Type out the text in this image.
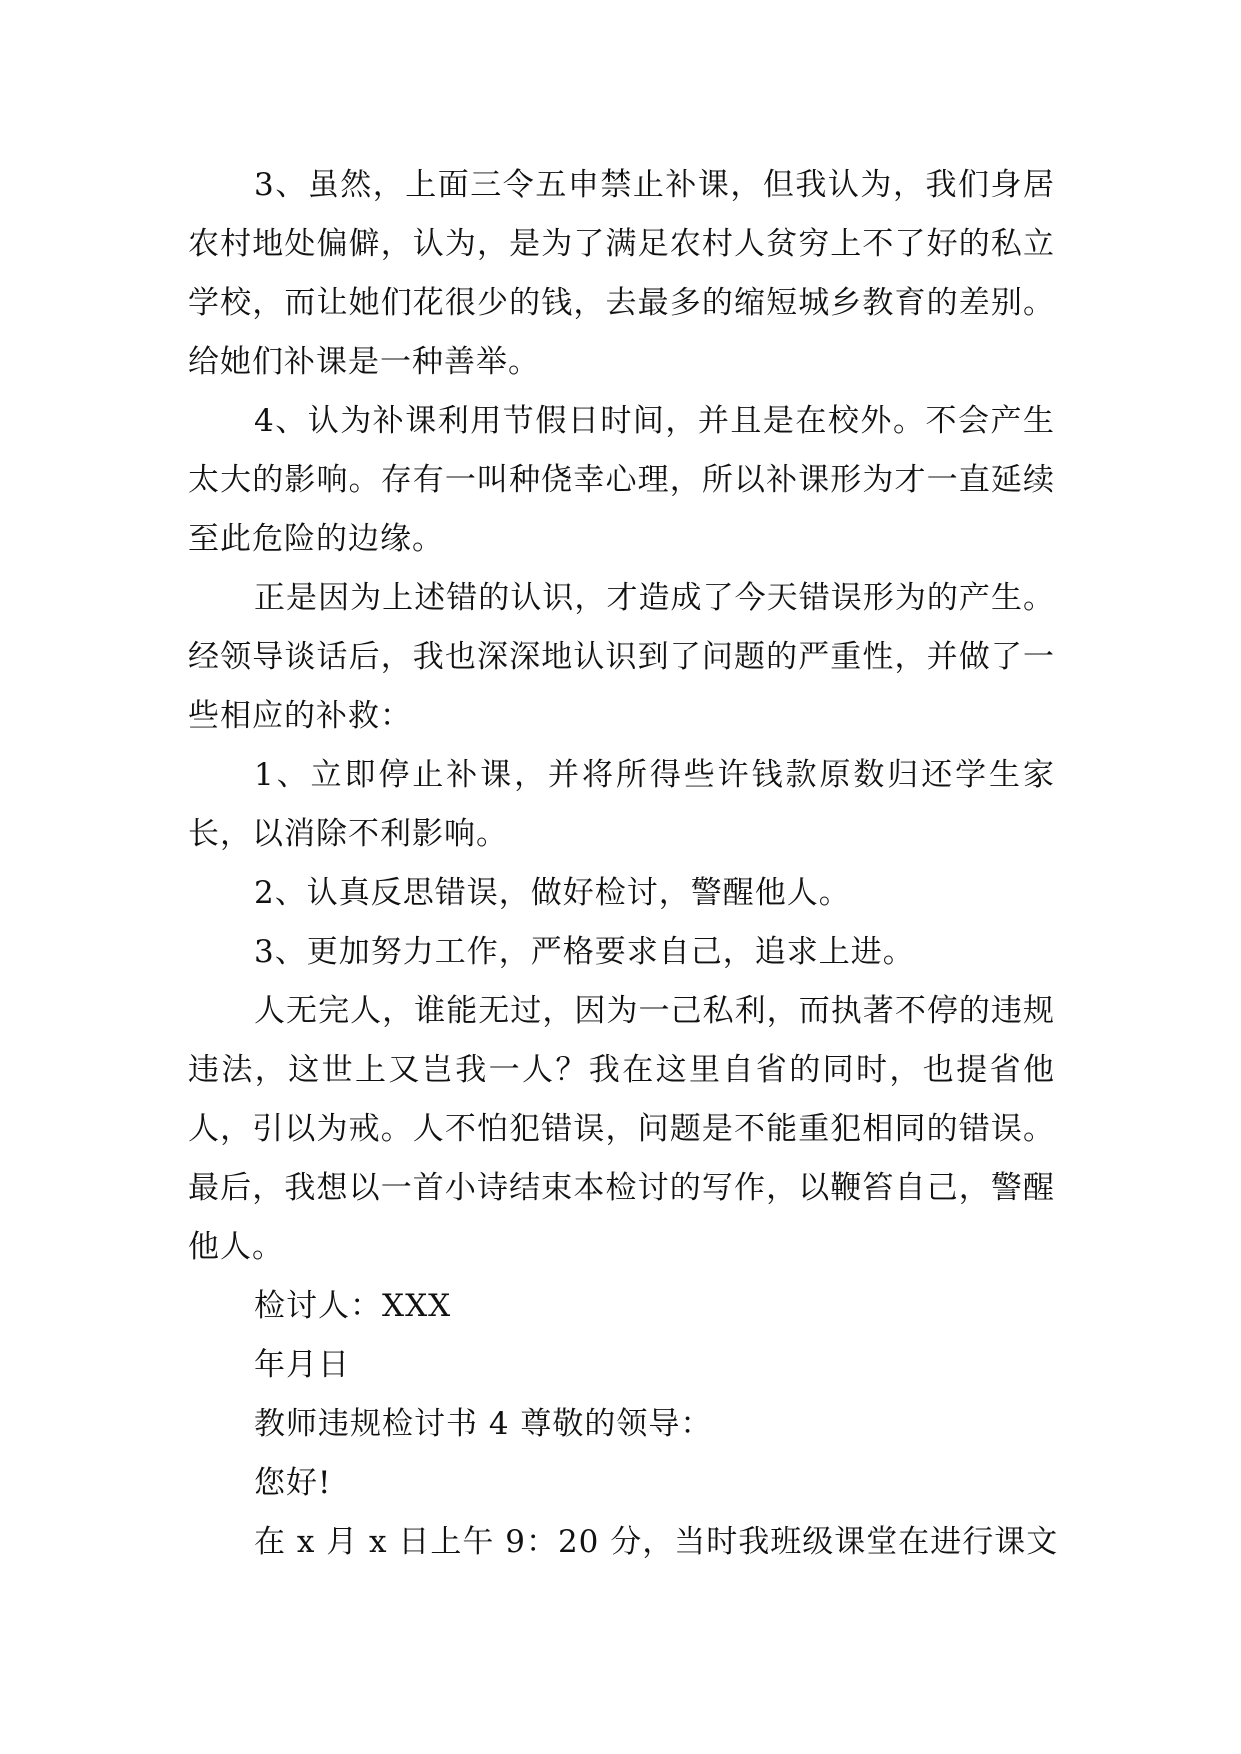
3、虽然，上面三令五申禁止补课，但我认为，我们身居农村地处偏僻，认为，是为了满足农村人贫穷上不了好的私立学校，而让她们花很少的钱，去最多的缩短城乡教育的差别。给她们补课是一种善举。

4、认为补课利用节假日时间，并且是在校外。不会产生太大的影响。存有一叫种侥幸心理，所以补课形为才一直延续至此危险的边缘。

正是因为上述错的认识，才造成了今天错误形为的产生。经领导谈话后，我也深深地认识到了问题的严重性，并做了一些相应的补救：

1、立即停止补课，并将所得些许钱款原数归还学生家长，以消除不利影响。

2、认真反思错误，做好检讨，警醒他人。

3、更加努力工作，严格要求自己，追求上进。

人无完人，谁能无过，因为一己私利，而执著不停的违规违法，这世上又岂我一人？我在这里自省的同时，也提省他人，引以为戒。人不怕犯错误，问题是不能重犯相同的错误。最后，我想以一首小诗结束本检讨的写作，以鞭笞自己，警醒他人。

检讨人：XXX

年月日

教师违规检讨书 4 尊敬的领导：

您好!

在 x 月 x 日上午 9：20 分，当时我班级课堂在进行课文
